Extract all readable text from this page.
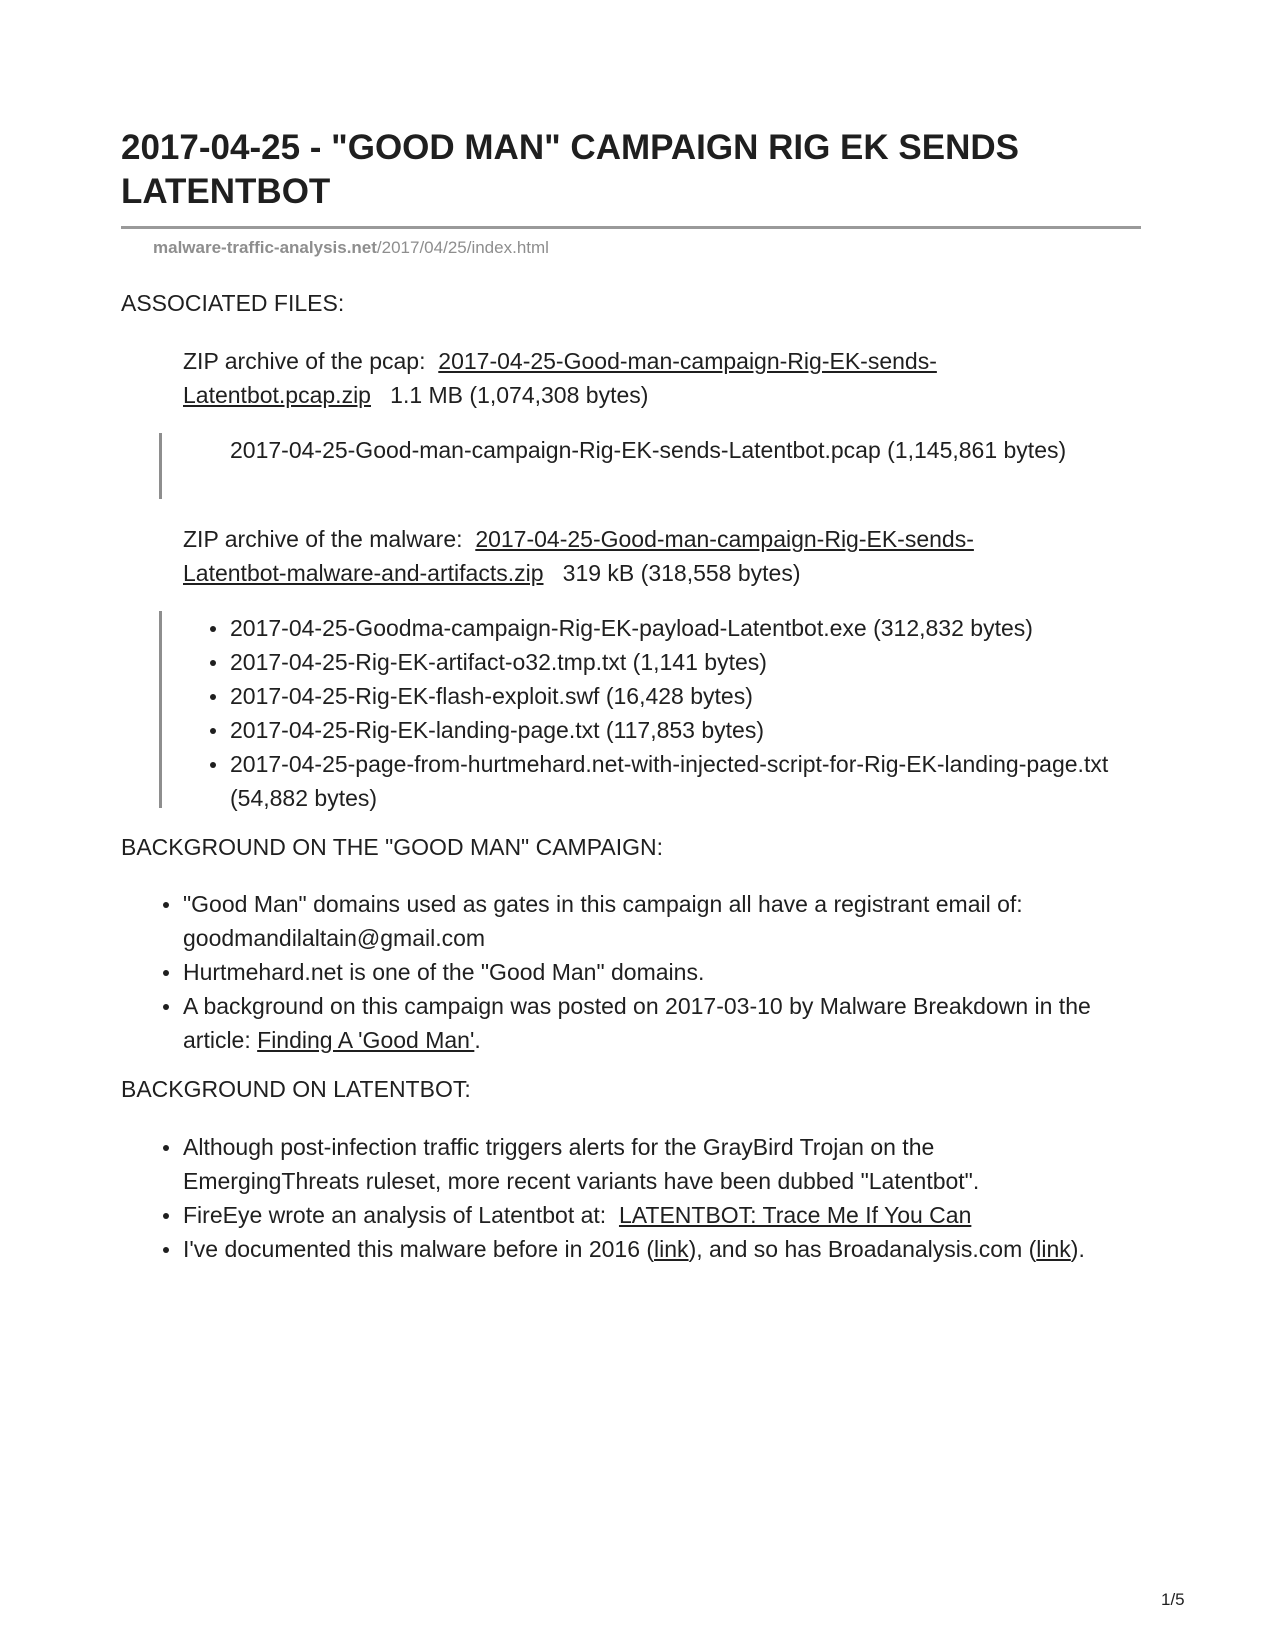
2017-04-25 - "GOOD MAN" CAMPAIGN RIG EK SENDS LATENTBOT
malware-traffic-analysis.net/2017/04/25/index.html
ASSOCIATED FILES:

ZIP archive of the pcap: 2017-04-25-Good-man-campaign-Rig-EK-sends-Latentbot.pcap.zip 1.1 MB (1,074,308 bytes)

2017-04-25-Good-man-campaign-Rig-EK-sends-Latentbot.pcap (1,145,861 bytes)

ZIP archive of the malware: 2017-04-25-Good-man-campaign-Rig-EK-sends-Latentbot-malware-and-artifacts.zip 319 kB (318,558 bytes)

2017-04-25-Goodma-campaign-Rig-EK-payload-Latentbot.exe (312,832 bytes)
2017-04-25-Rig-EK-artifact-o32.tmp.txt (1,141 bytes)
2017-04-25-Rig-EK-flash-exploit.swf (16,428 bytes)
2017-04-25-Rig-EK-landing-page.txt (117,853 bytes)
2017-04-25-page-from-hurtmehard.net-with-injected-script-for-Rig-EK-landing-page.txt (54,882 bytes)
BACKGROUND ON THE "GOOD MAN" CAMPAIGN:
"Good Man" domains used as gates in this campaign all have a registrant email of: goodmandilaltain@gmail.com
Hurtmehard.net is one of the "Good Man" domains.
A background on this campaign was posted on 2017-03-10 by Malware Breakdown in the article: Finding A 'Good Man'.
BACKGROUND ON LATENTBOT:
Although post-infection traffic triggers alerts for the GrayBird Trojan on the EmergingThreats ruleset, more recent variants have been dubbed "Latentbot".
FireEye wrote an analysis of Latentbot at:  LATENTBOT: Trace Me If You Can
I've documented this malware before in 2016 (link), and so has Broadanalysis.com (link).
1/5
